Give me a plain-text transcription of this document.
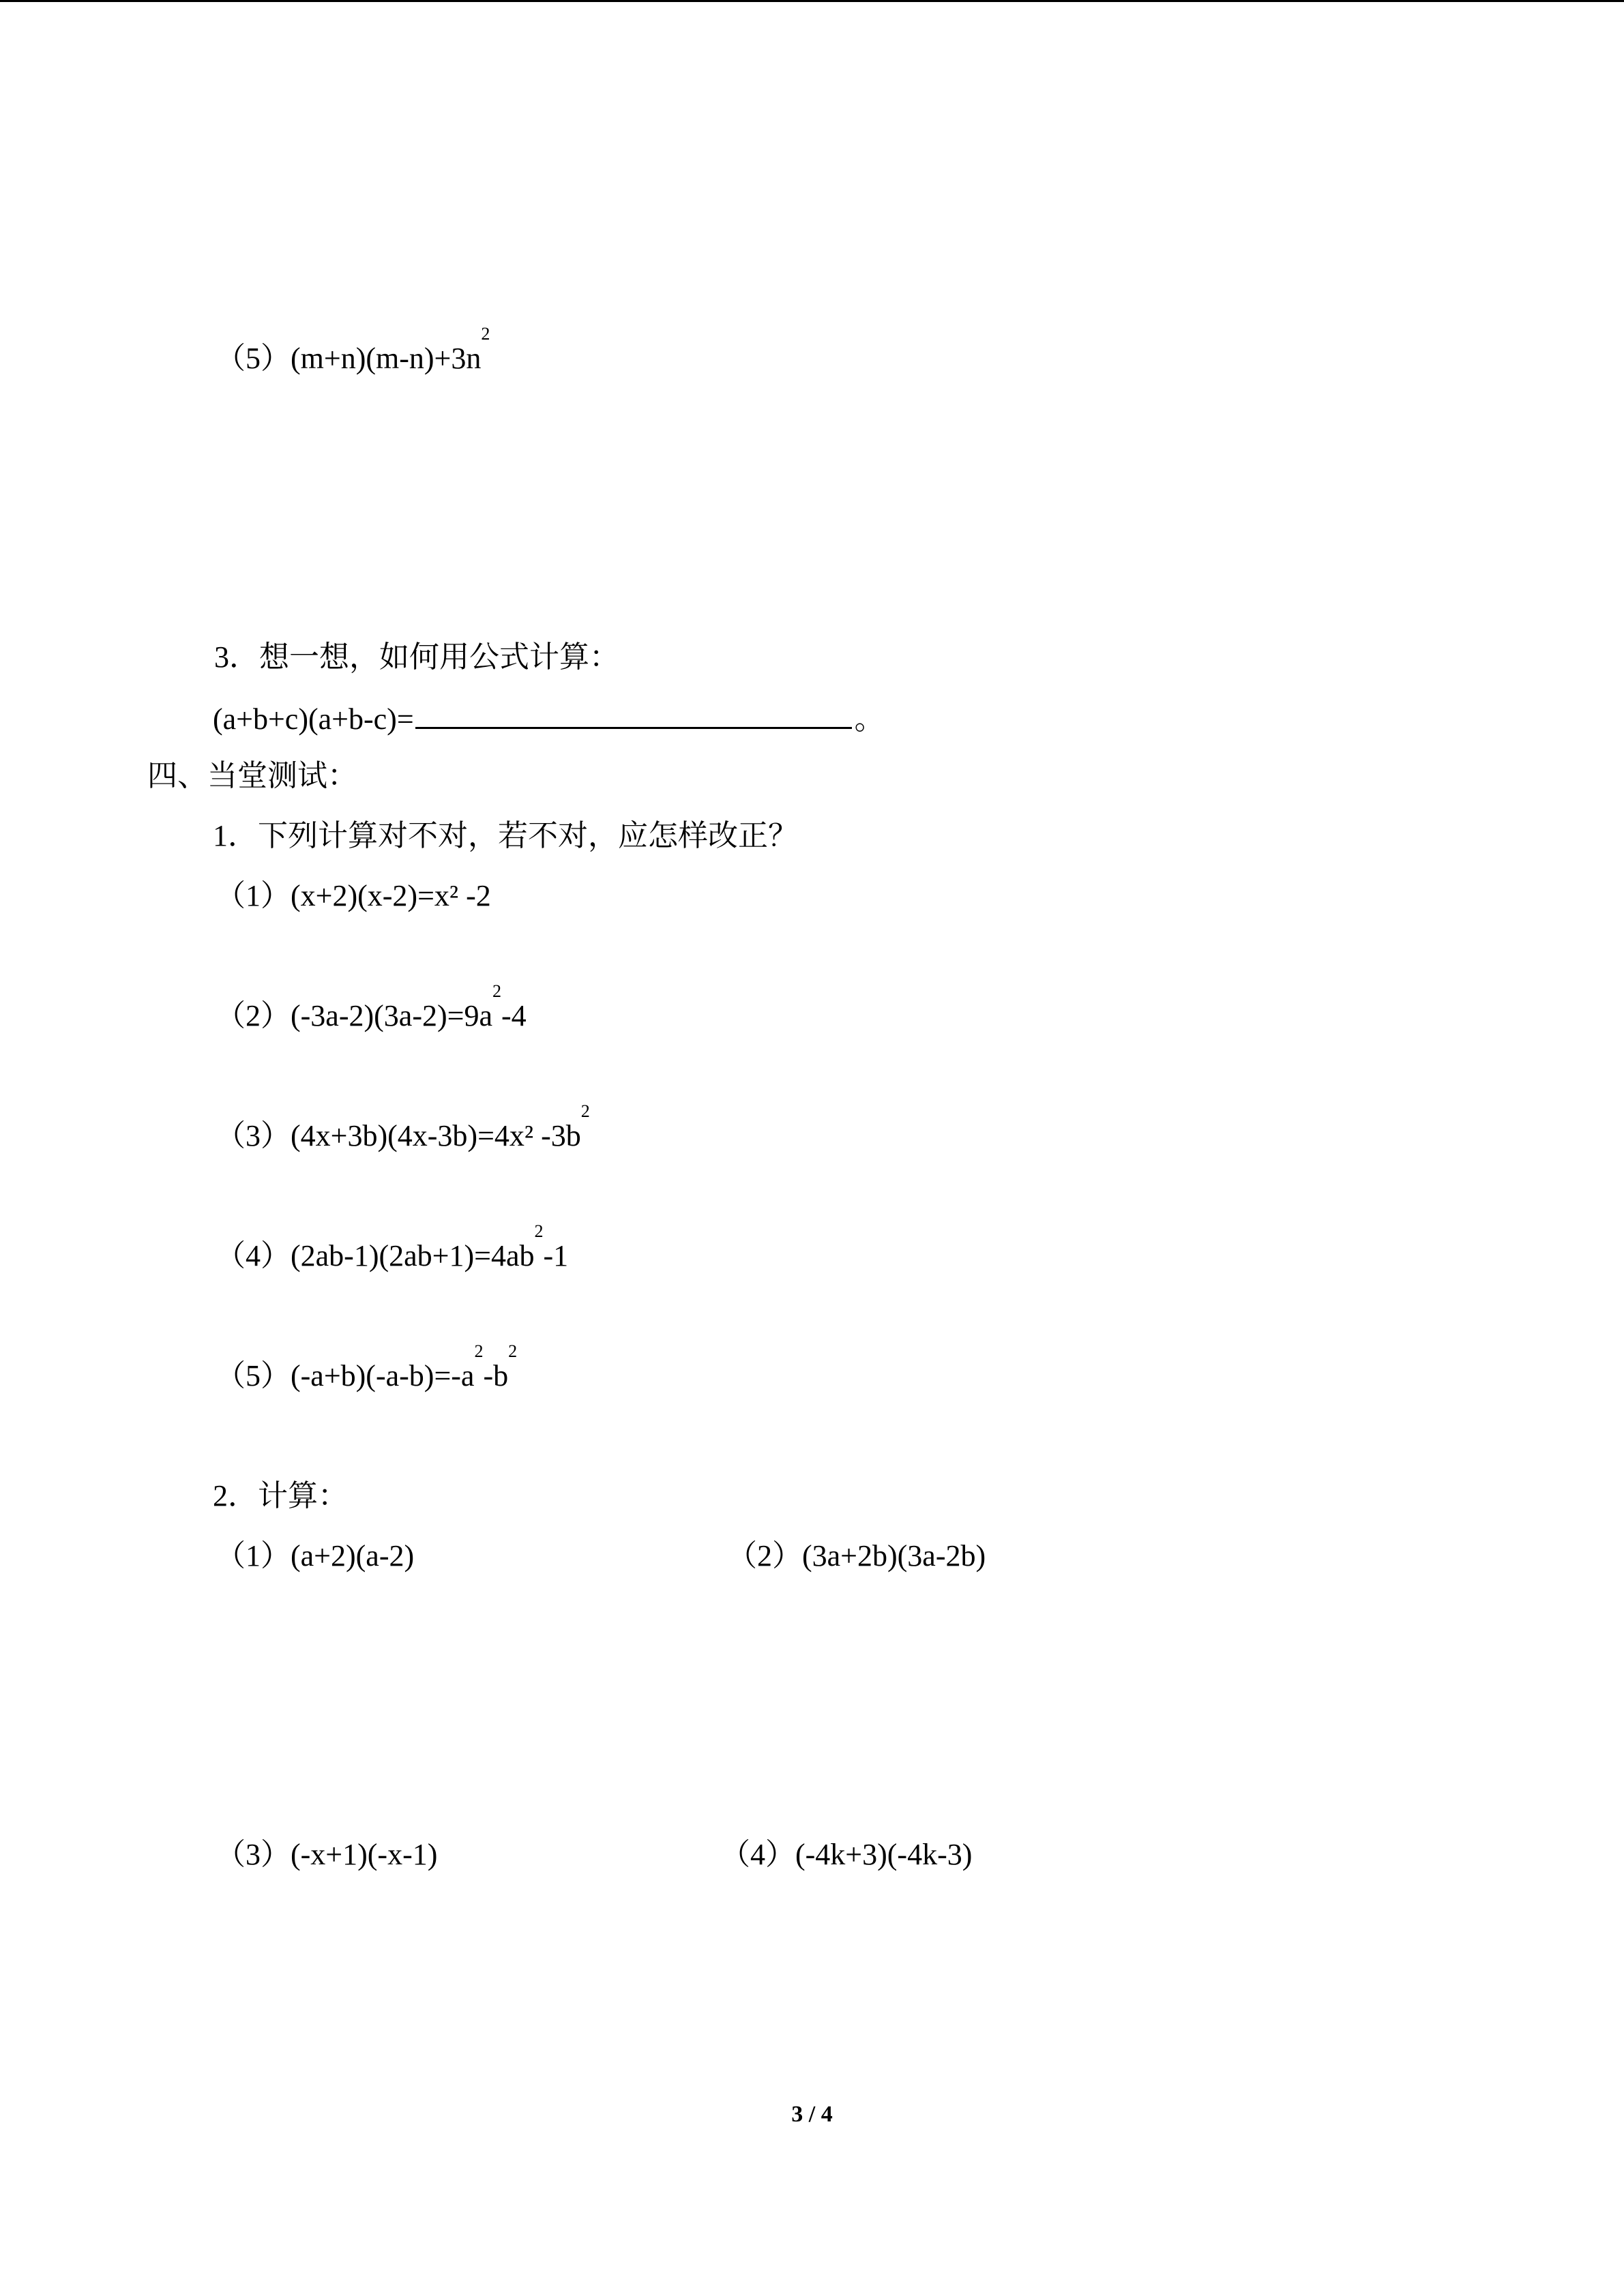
$(5)(m+n)(m-n)+3n^2$
3．想一想，如何用公式计算：
(a+b+c)(a+b-c)=	。
四、当堂测试：
1．下列计算对不对，若不对，应怎样改正？
（1）(x+2)(x-2)=x² -2
$(2)(-3a-2)(3a-2)=9a^2-4$
（3）(4x+3b)(4x-3b)=4x² $-3b^2$
$(4)(2ab-1)(2ab+1)=4ab^2-1$
$(5)(-a+b)(-a-b)=-a^2-b^2$
2．计算：
（1）(a+2)(a-2)	（2）(3a+2b)(3a-2b)
（3）(-x+1)(-x-1)	（4）(-4k+3)(-4k-3)
3 / 4
